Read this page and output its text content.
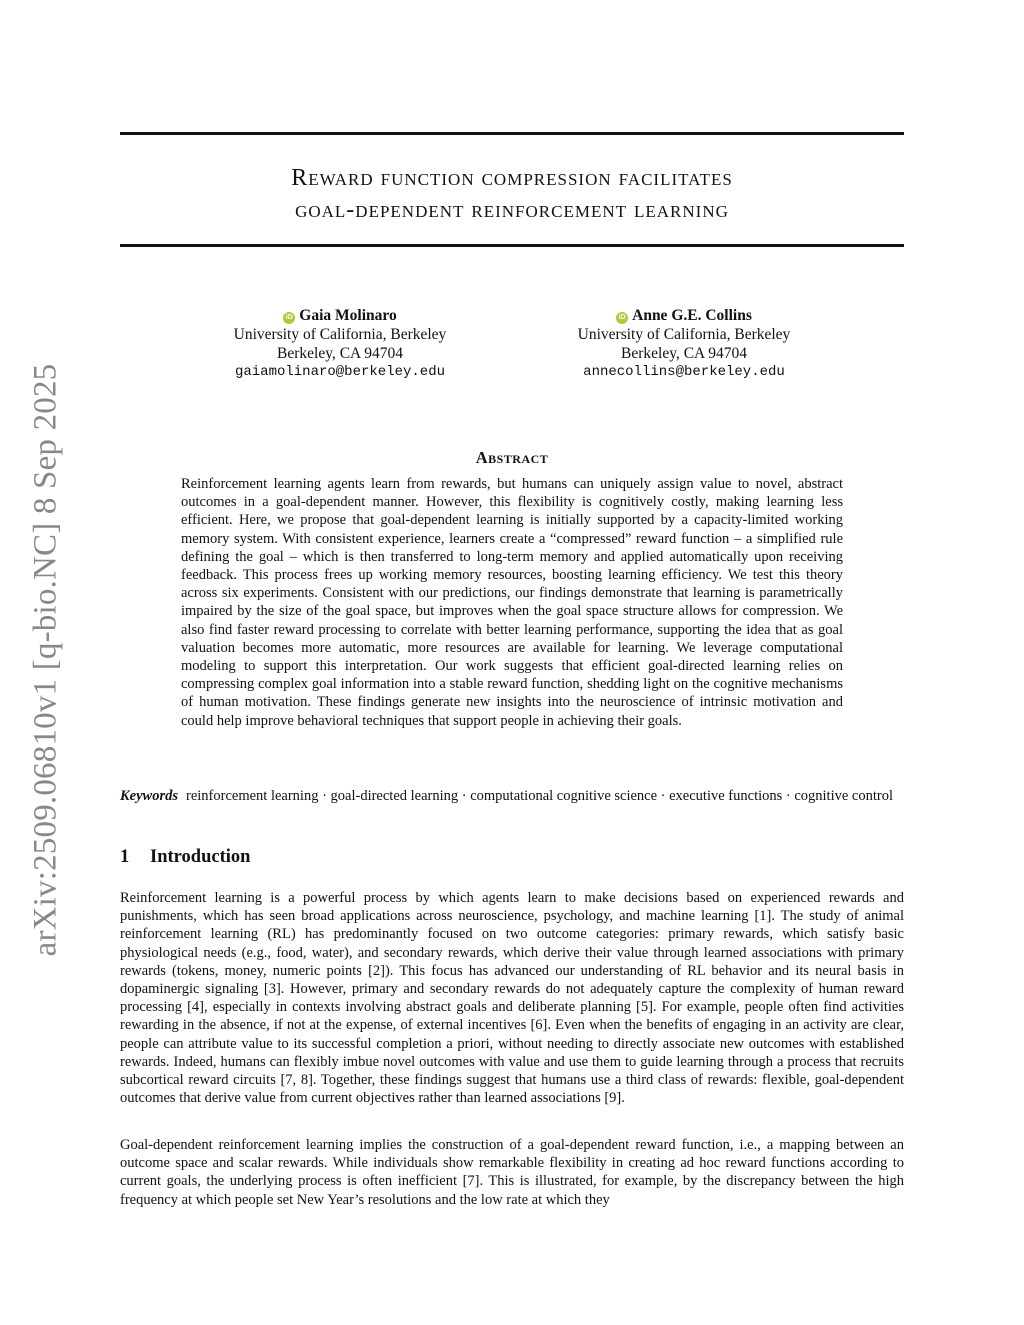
arXiv:2509.06810v1 [q-bio.NC] 8 Sep 2025
Reward function compression facilitates
goal-dependent reinforcement learning
iD Gaia Molinaro
University of California, Berkeley
Berkeley, CA 94704
gaiamolinaro@berkeley.edu
iD Anne G.E. Collins
University of California, Berkeley
Berkeley, CA 94704
annecollins@berkeley.edu
Abstract
Reinforcement learning agents learn from rewards, but humans can uniquely assign value to novel, abstract outcomes in a goal-dependent manner. However, this flexibility is cognitively costly, making learning less efficient. Here, we propose that goal-dependent learning is initially supported by a capacity-limited working memory system. With consistent experience, learners create a “compressed” reward function – a simplified rule defining the goal – which is then transferred to long-term memory and applied automatically upon receiving feedback. This process frees up working memory resources, boosting learning efficiency. We test this theory across six experiments. Consistent with our predictions, our findings demonstrate that learning is parametrically impaired by the size of the goal space, but improves when the goal space structure allows for compression. We also find faster reward processing to correlate with better learning performance, supporting the idea that as goal valuation becomes more automatic, more resources are available for learning. We leverage computational modeling to support this interpretation. Our work suggests that efficient goal-directed learning relies on compressing complex goal information into a stable reward function, shedding light on the cognitive mechanisms of human motivation. These findings generate new insights into the neuroscience of intrinsic motivation and could help improve behavioral techniques that support people in achieving their goals.
Keywords reinforcement learning · goal-directed learning · computational cognitive science · executive functions · cognitive control
1 Introduction
Reinforcement learning is a powerful process by which agents learn to make decisions based on experienced rewards and punishments, which has seen broad applications across neuroscience, psychology, and machine learning [1]. The study of animal reinforcement learning (RL) has predominantly focused on two outcome categories: primary rewards, which satisfy basic physiological needs (e.g., food, water), and secondary rewards, which derive their value through learned associations with primary rewards (tokens, money, numeric points [2]). This focus has advanced our understanding of RL behavior and its neural basis in dopaminergic signaling [3]. However, primary and secondary rewards do not adequately capture the complexity of human reward processing [4], especially in contexts involving abstract goals and deliberate planning [5]. For example, people often find activities rewarding in the absence, if not at the expense, of external incentives [6]. Even when the benefits of engaging in an activity are clear, people can attribute value to its successful completion a priori, without needing to directly associate new outcomes with established rewards. Indeed, humans can flexibly imbue novel outcomes with value and use them to guide learning through a process that recruits subcortical reward circuits [7, 8]. Together, these findings suggest that humans use a third class of rewards: flexible, goal-dependent outcomes that derive value from current objectives rather than learned associations [9].
Goal-dependent reinforcement learning implies the construction of a goal-dependent reward function, i.e., a mapping between an outcome space and scalar rewards. While individuals show remarkable flexibility in creating ad hoc reward functions according to current goals, the underlying process is often inefficient [7]. This is illustrated, for example, by the discrepancy between the high frequency at which people set New Year’s resolutions and the low rate at which they
